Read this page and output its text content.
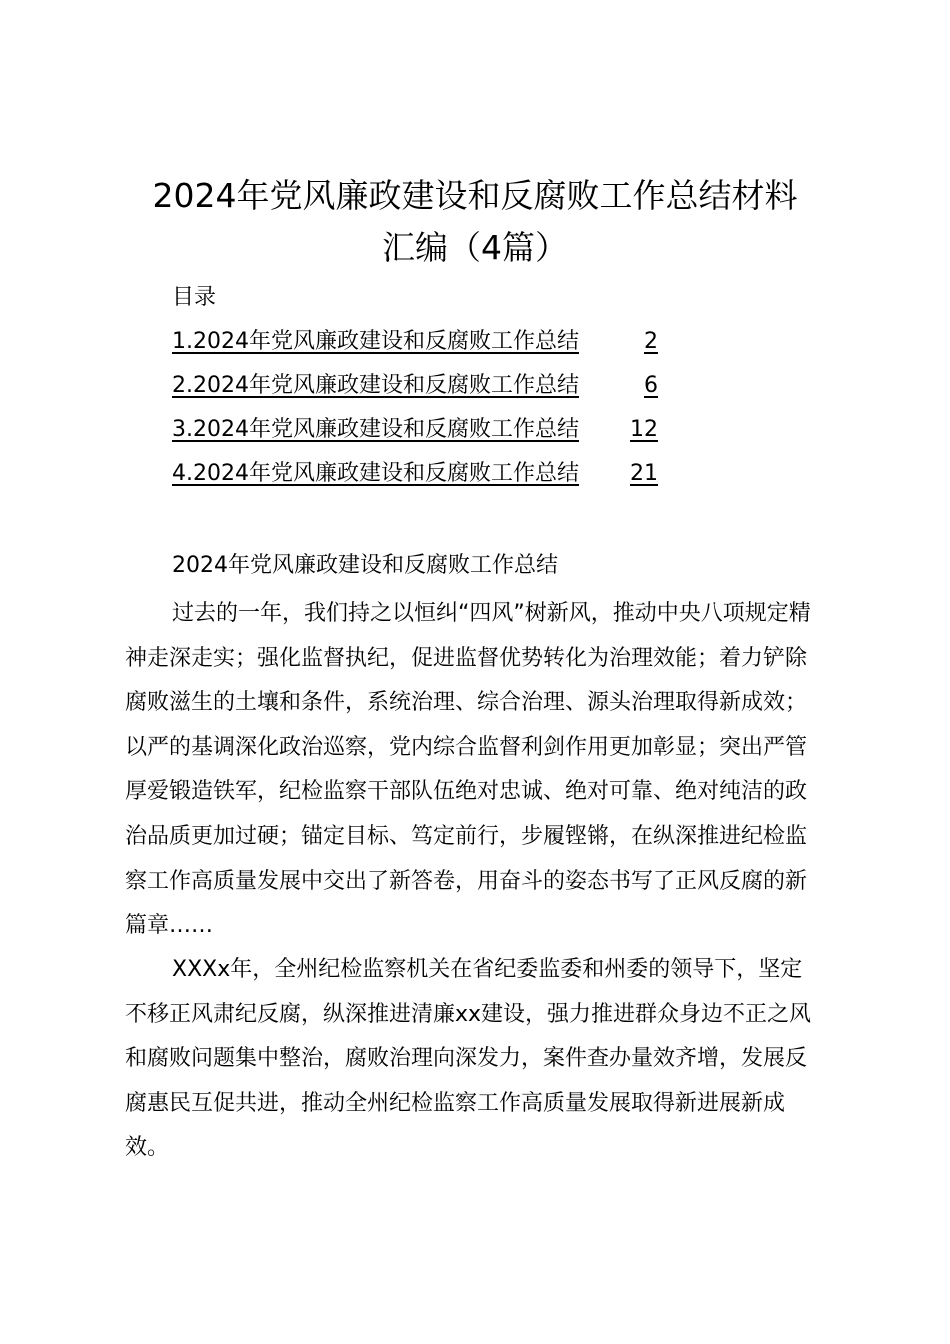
2024年党风廉政建设和反腐败工作总结材料
汇编（4篇）
目录
1.2024年党风廉政建设和反腐败工作总结	2
2.2024年党风廉政建设和反腐败工作总结	6
3.2024年党风廉政建设和反腐败工作总结 12
4.2024年党风廉政建设和反腐败工作总结 21
2024年党风廉政建设和反腐败工作总结

过去的一年，我们持之以恒纠“四风”树新风，推动中央八项规定精
神走深走实；强化监督执纪，促进监督优势转化为治理效能；着力铲除
腐败滋生的土壤和条件，系统治理、综合治理、源头治理取得新成效；
以严的基调深化政治巡察，党内综合监督利剑作用更加彰显；突出严管
厚爱锻造铁军，纪检监察干部队伍绝对忠诚、绝对可靠、绝对纯洁的政
治品质更加过硬；锚定目标、笃定前行，步履铿锵，在纵深推进纪检监
察工作高质量发展中交出了新答卷，用奋斗的姿态书写了正风反腐的新
篇章……

XXXx年，全州纪检监察机关在省纪委监委和州委的领导下，坚定
不移正风肃纪反腐，纵深推进清廉xx建设，强力推进群众身边不正之风
和腐败问题集中整治，腐败治理向深发力，案件查办量效齐增，发展反
腐惠民互促共进，推动全州纪检监察工作高质量发展取得新进展新成
效。
